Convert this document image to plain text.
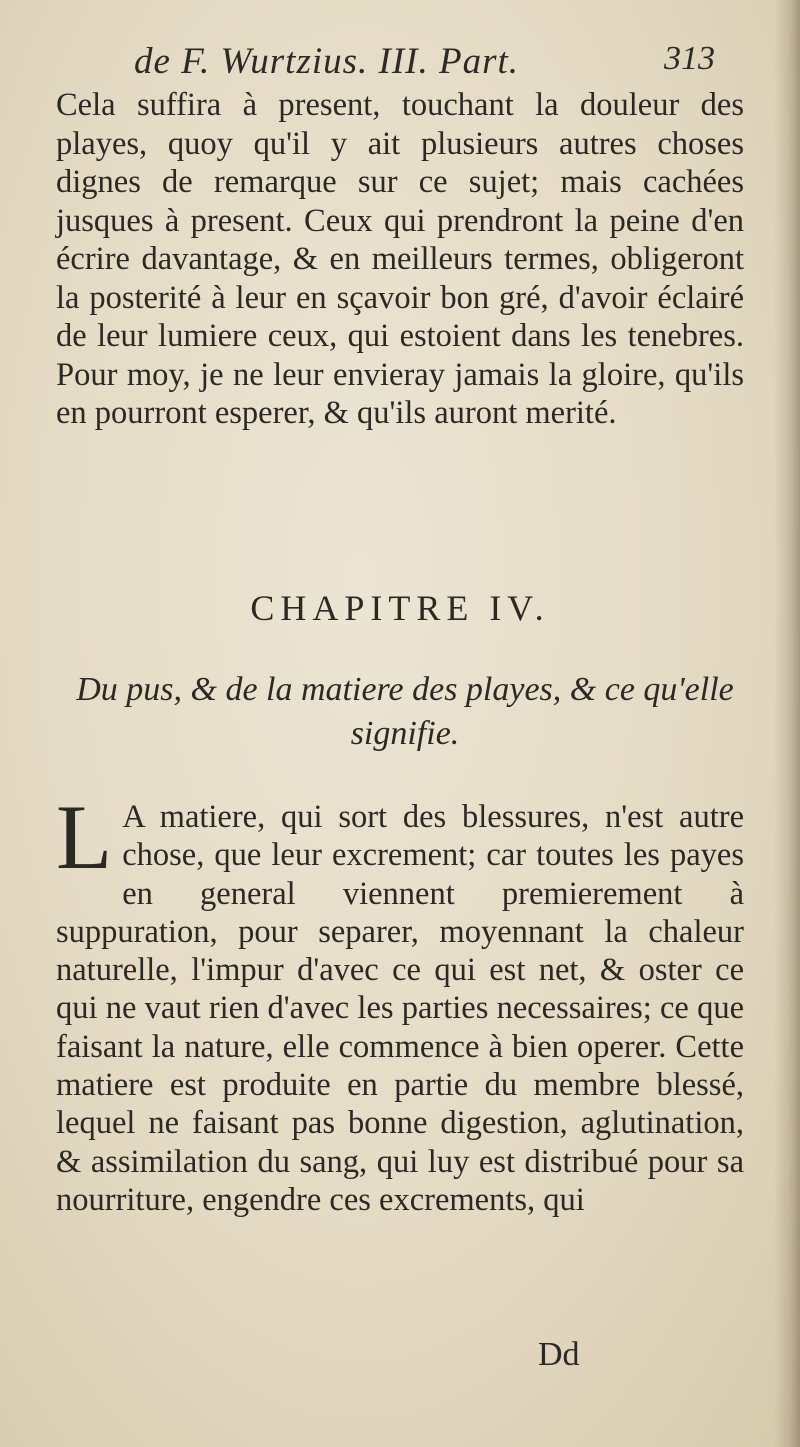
de F. Wurtzius. III. Part.	313
Cela suffira à present, touchant la douleur des playes, quoy qu'il y ait plusieurs autres choses dignes de remarque sur ce sujet; mais cachées jusques à present. Ceux qui prendront la peine d'en écrire davantage, & en meilleurs termes, obligeront la posterité à leur en sçavoir bon gré, d'avoir éclairé de leur lumiere ceux, qui estoient dans les tenebres. Pour moy, je ne leur envieray jamais la gloire, qu'ils en pourront esperer, & qu'ils auront merité.
CHAPITRE IV.
Du pus, & de la matiere des playes, & ce qu'elle signifie.
L A matiere, qui sort des blessures, n'est autre chose, que leur excrement; car toutes les payes en general viennent premierement à suppuration, pour separer, moyennant la chaleur naturelle, l'impur d'avec ce qui est net, & oster ce qui ne vaut rien d'avec les parties necessaires; ce que faisant la nature, elle commence à bien operer. Cette matiere est produite en partie du membre blessé, lequel ne faisant pas bonne digestion, aglutination, & assimilation du sang, qui luy est distribué pour sa nourriture, engendre ces excrements, qui
Dd
